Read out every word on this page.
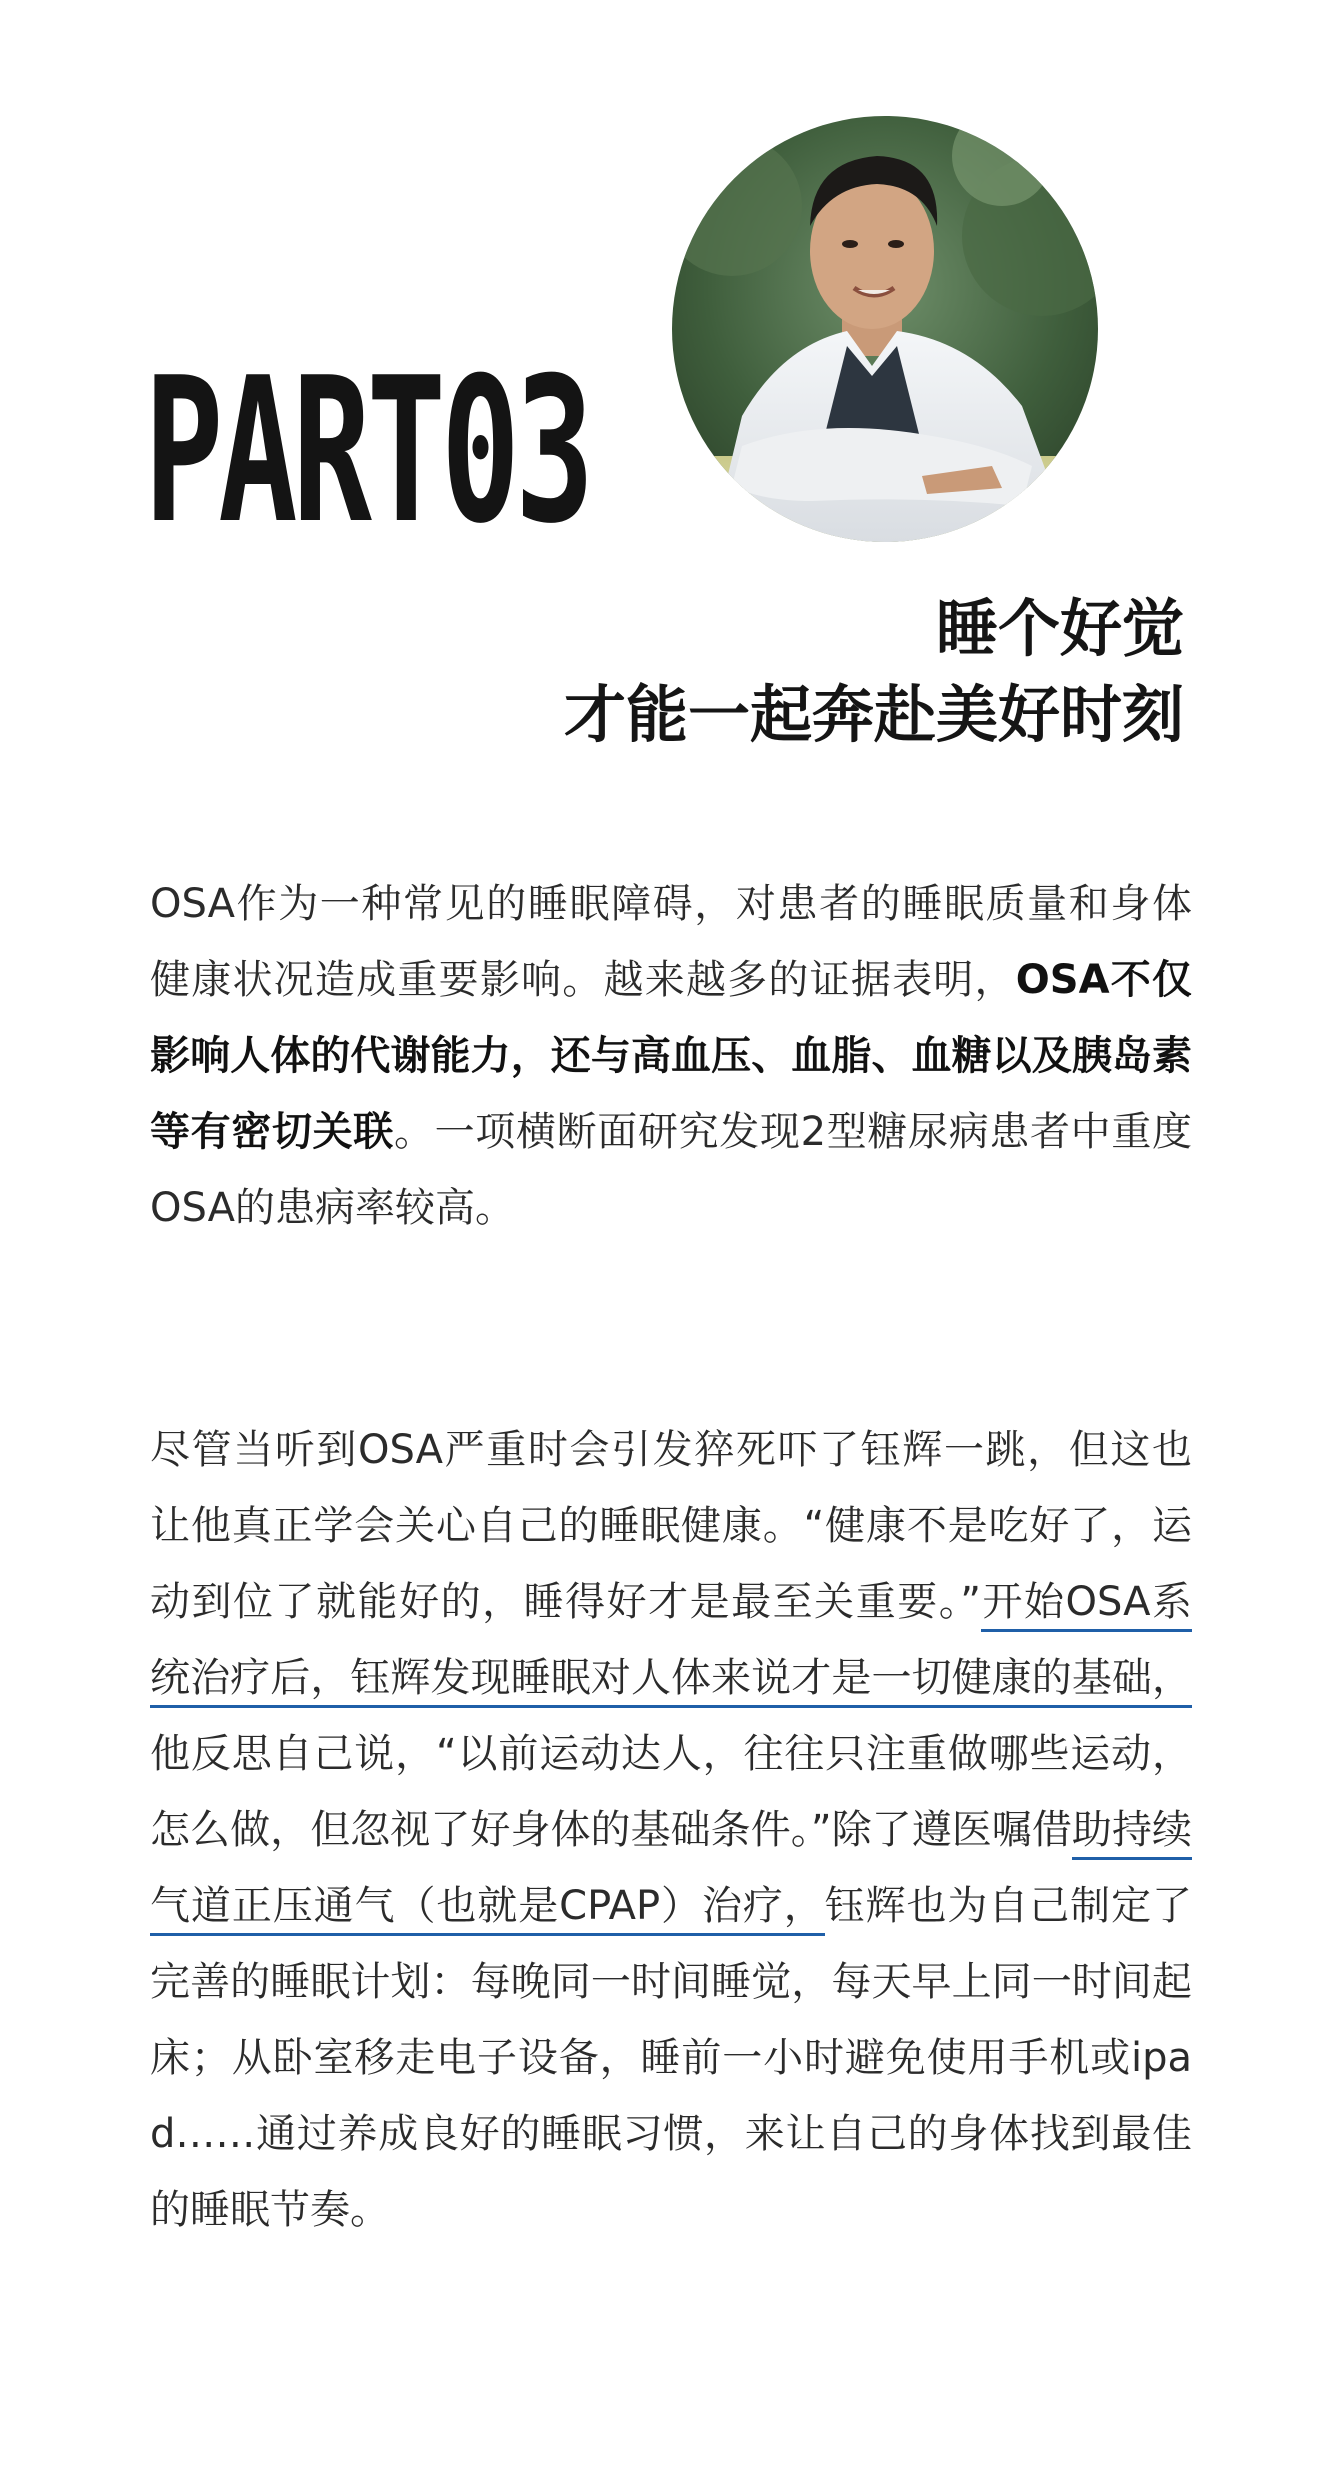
PART03
睡个好觉
才能一起奔赴美好时刻

OSA作为一种常见的睡眠障碍，对患者的睡眠质量和身体健康状况造成重要影响。越来越多的证据表明，OSA不仅影响人体的代谢能力，还与高血压、血脂、血糖以及胰岛素等有密切关联。一项横断面研究发现2型糖尿病患者中重度OSA的患病率较高。

尽管当听到OSA严重时会引发猝死吓了钰辉一跳，但这也让他真正学会关心自己的睡眠健康。“健康不是吃好了，运动到位了就能好的，睡得好才是最至关重要。”开始OSA系统治疗后，钰辉发现睡眠对人体来说才是一切健康的基础，他反思自己说，“以前运动达人，往往只注重做哪些运动，怎么做，但忽视了好身体的基础条件。”除了遵医嘱借助持续气道正压通气（也就是CPAP）治疗，钰辉也为自己制定了完善的睡眠计划：每晚同一时间睡觉，每天早上同一时间起床；从卧室移走电子设备，睡前一小时避免使用手机或ipad……通过养成良好的睡眠习惯，来让自己的身体找到最佳的睡眠节奏。
